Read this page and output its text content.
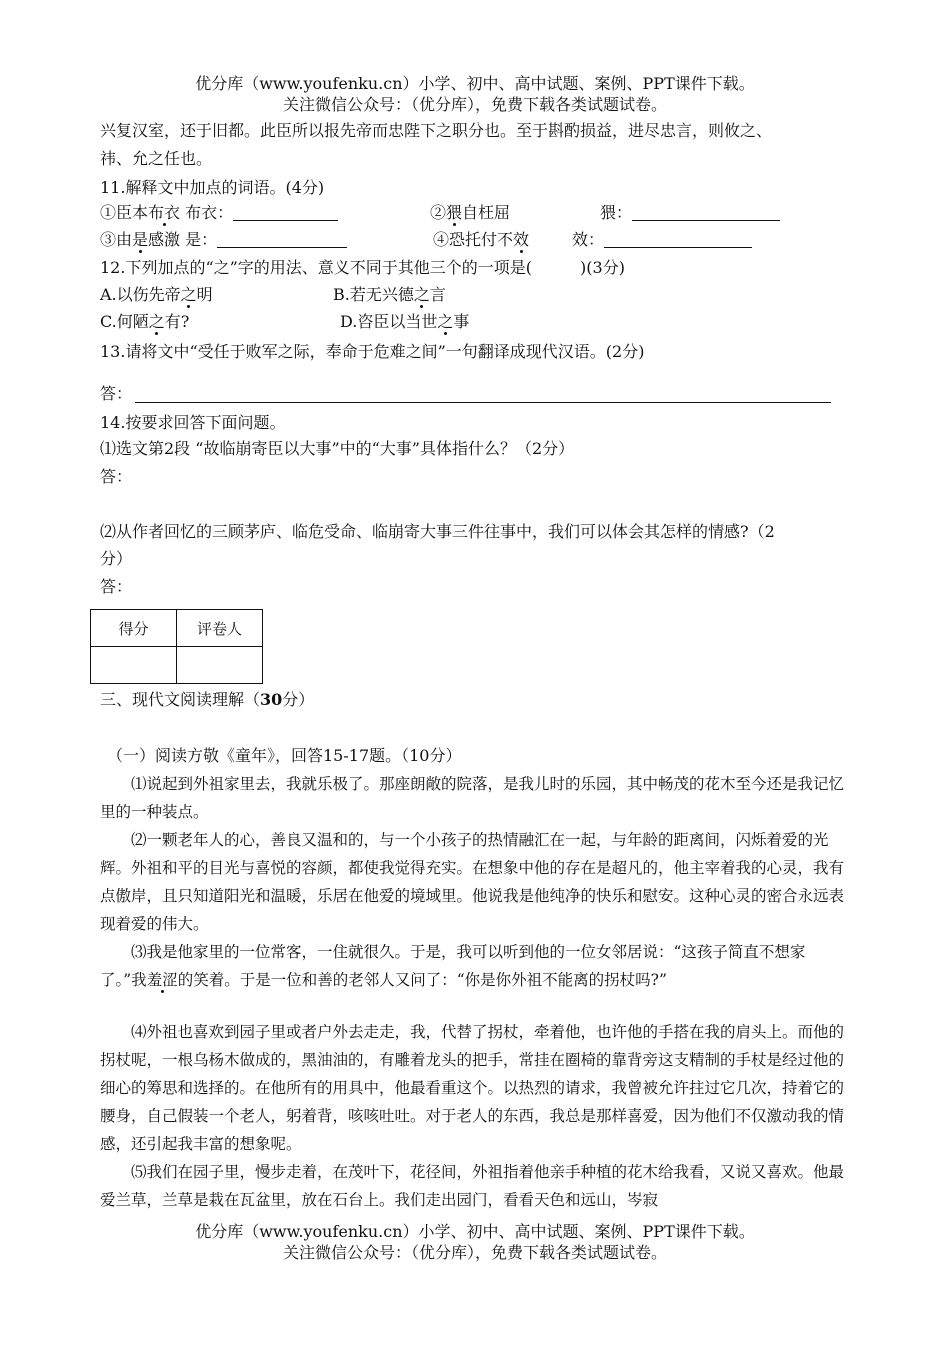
优分库（www.youfenku.cn）小学、初中、高中试题、案例、PPT课件下载。
关注微信公众号：（优分库），免费下载各类试题试卷。
兴复汉室，还于旧都。此臣所以报先帝而忠陛下之职分也。至于斟酌损益，进尽忠言，则攸之、
祎、允之任也。
11.解释文中加点的词语。(4分)
①臣本布衣 布衣：	②猥自枉屈	猥：
③由是感激 是：	④恐托付不效	效：
12.下列加点的“之”字的用法、意义不同于其他三个的一项是(　　　)(3分)
A.以伤先帝之明	B.若无兴德之言
C.何陋之有?	D.咨臣以当世之事
13.请将文中“受任于败军之际，奉命于危难之间”一句翻译成现代汉语。(2分)
答：
14.按要求回答下面问题。
⑴选文第2段 “故临崩寄臣以大事”中的“大事”具体指什么？（2分）
答：
⑵从作者回忆的三顾茅庐、临危受命、临崩寄大事三件往事中，我们可以体会其怎样的情感?（2
分）
答：
得分	评卷人

三、现代文阅读理解（30分）
（一）阅读方敬《童年》，回答15-17题。（10分）
⑴说起到外祖家里去，我就乐极了。那座朗敞的院落，是我儿时的乐园，其中畅茂的花木至今还是我记忆里的一种装点。
⑵一颗老年人的心，善良又温和的，与一个小孩子的热情融汇在一起，与年龄的距离间，闪烁着爱的光辉。外祖和平的目光与喜悦的容颜，都使我觉得充实。在想象中他的存在是超凡的，他主宰着我的心灵，我有点傲岸，且只知道阳光和温暖，乐居在他爱的境域里。他说我是他纯净的快乐和慰安。这种心灵的密合永远表现着爱的伟大。
⑶我是他家里的一位常客，一住就很久。于是，我可以听到他的一位女邻居说：“这孩子简直不想家了。”我羞涩的笑着。于是一位和善的老邻人又问了：“你是你外祖不能离的拐杖吗?”
⑷外祖也喜欢到园子里或者户外去走走，我，代替了拐杖，牵着他，也许他的手搭在我的肩头上。而他的拐杖呢，一根乌杨木做成的，黑油油的，有雕着龙头的把手，常挂在圈椅的靠背旁这支精制的手杖是经过他的细心的筹思和选择的。在他所有的用具中，他最看重这个。以热烈的请求，我曾被允许拄过它几次，持着它的腰身，自己假装一个老人，躬着背，咳咳吐吐。对于老人的东西，我总是那样喜爱，因为他们不仅激动我的情感，还引起我丰富的想象呢。
⑸我们在园子里，慢步走着，在茂叶下，花径间，外祖指着他亲手种植的花木给我看，又说又喜欢。他最爱兰草，兰草是栽在瓦盆里，放在石台上。我们走出园门，看看天色和远山，岑寂
优分库（www.youfenku.cn）小学、初中、高中试题、案例、PPT课件下载。
关注微信公众号：（优分库），免费下载各类试题试卷。
